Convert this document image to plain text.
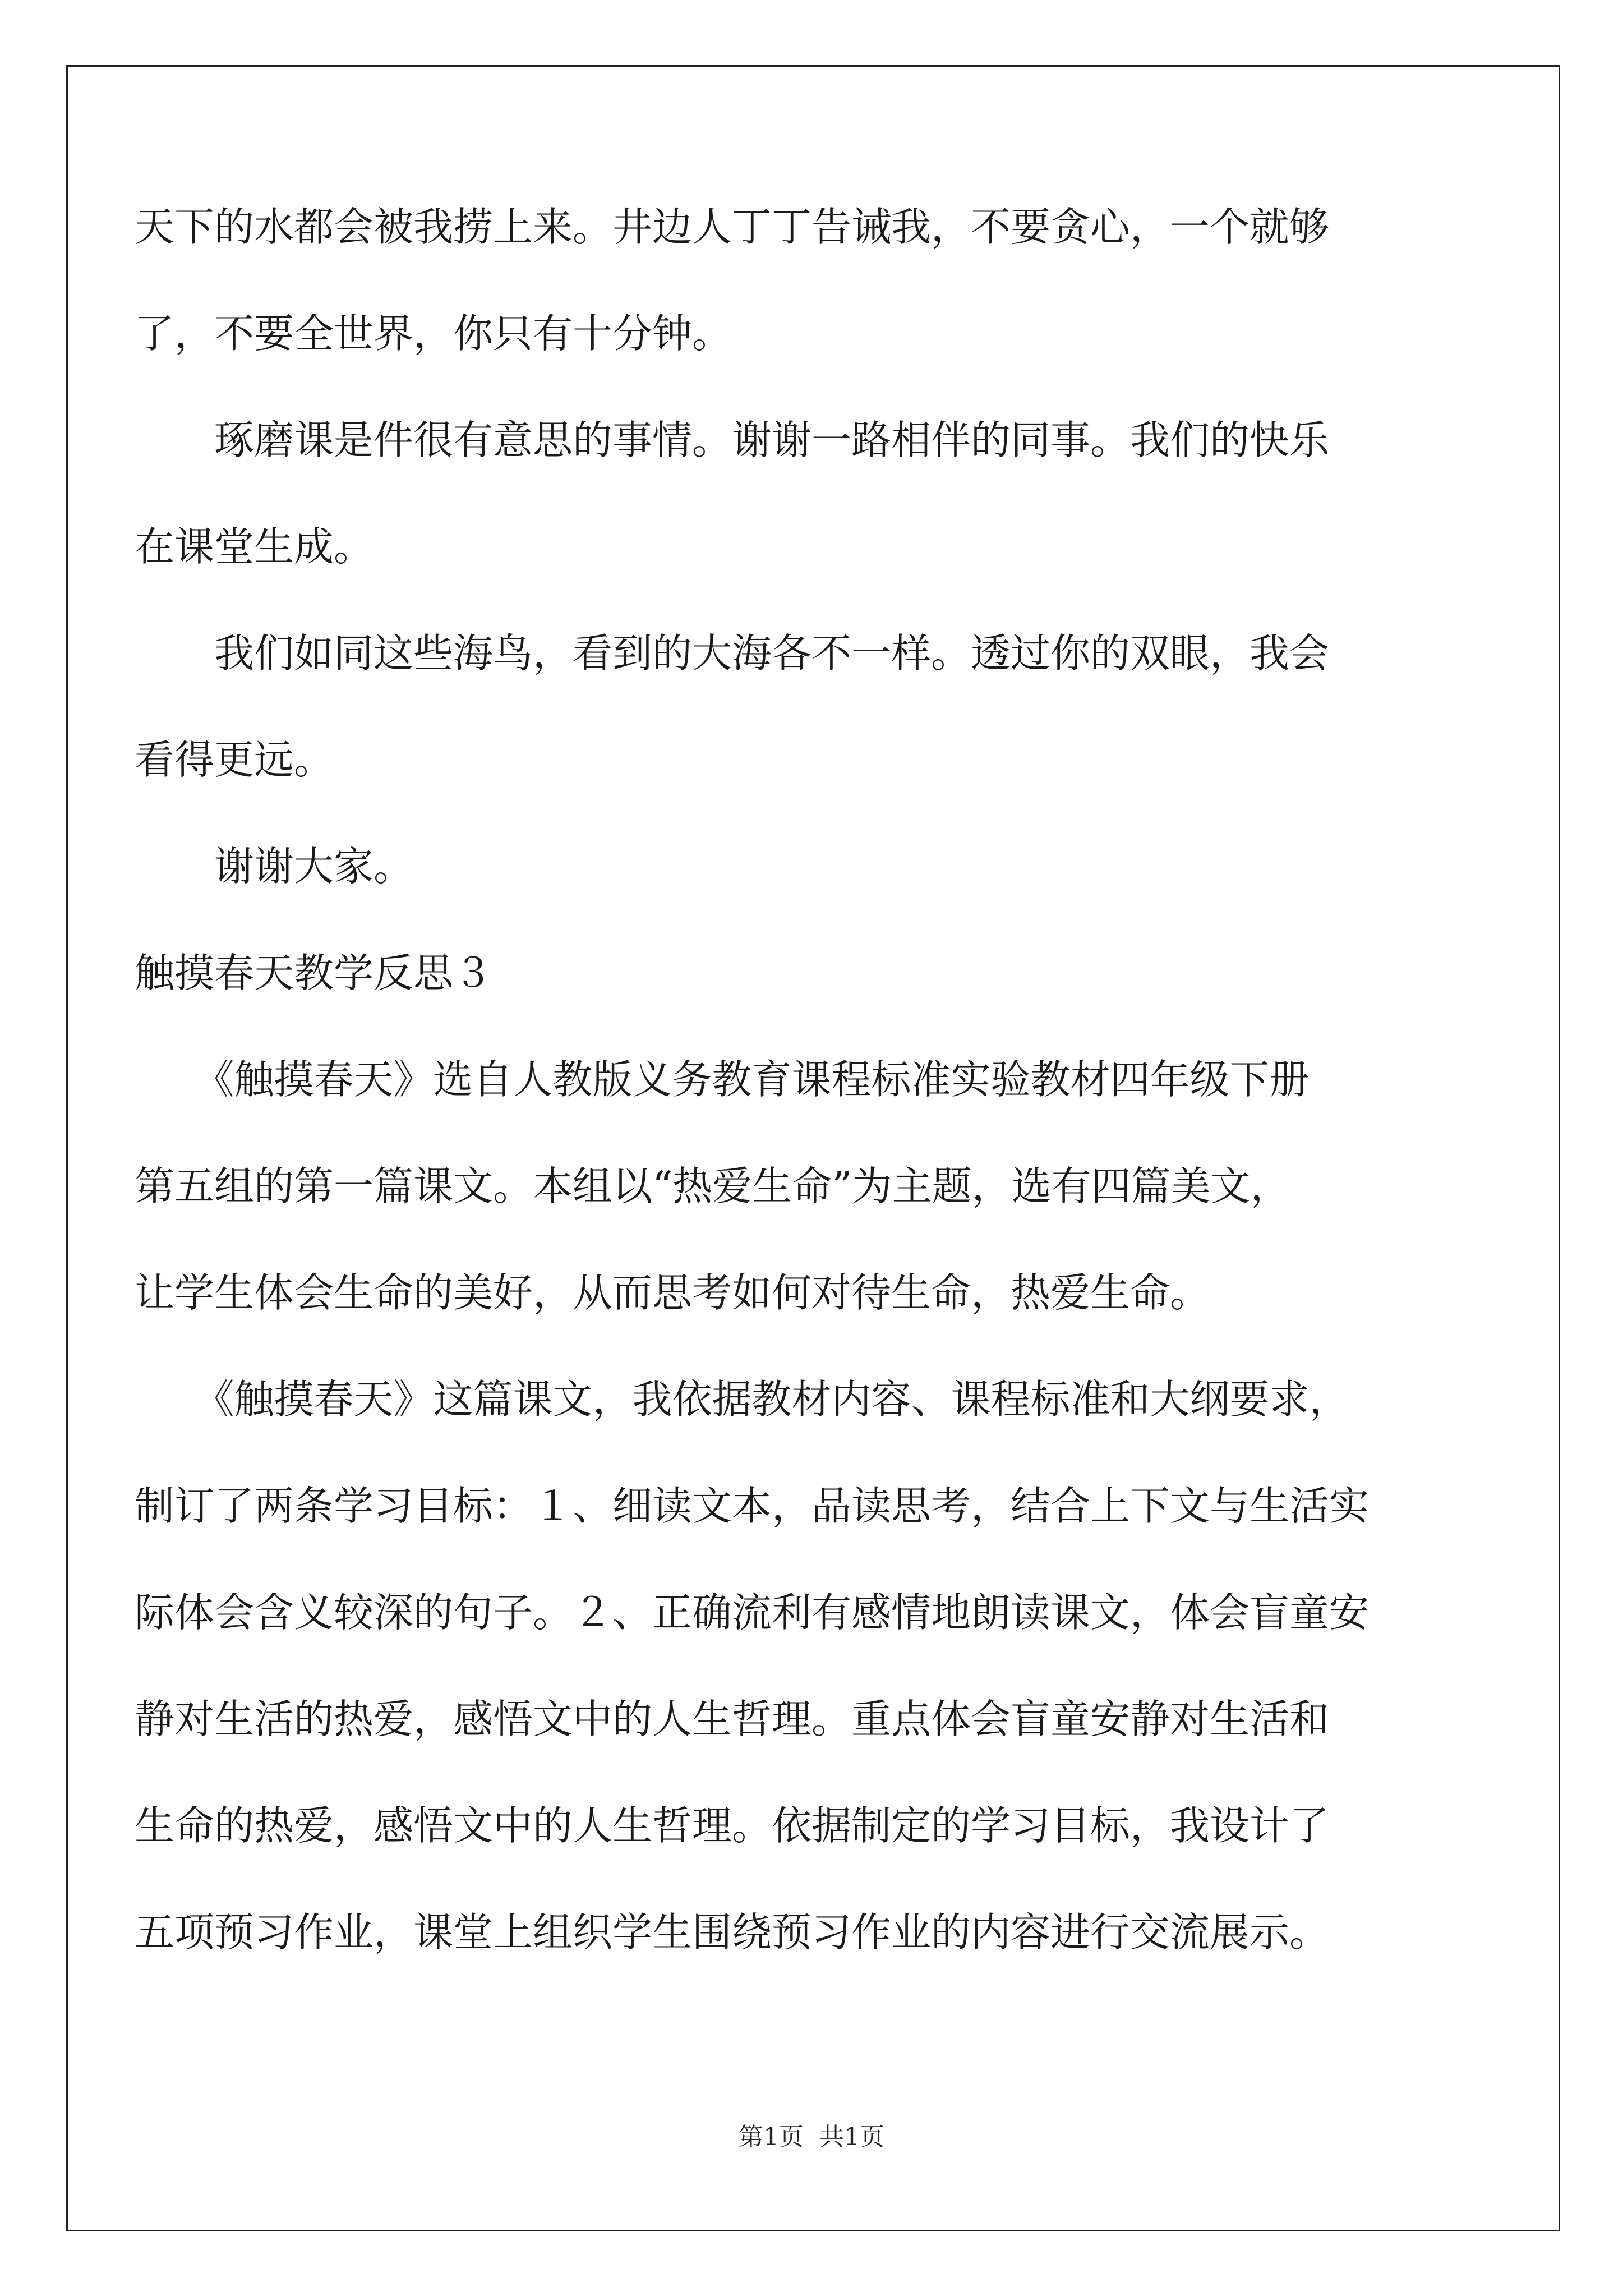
天下的水都会被我捞上来。井边人丁丁告诫我，不要贪心，一个就够
了，不要全世界，你只有十分钟。
　　琢磨课是件很有意思的事情。谢谢一路相伴的同事。我们的快乐
在课堂生成。
　　我们如同这些海鸟，看到的大海各不一样。透过你的双眼，我会
看得更远。
　　谢谢大家。
触摸春天教学反思３
　　《触摸春天》选自人教版义务教育课程标准实验教材四年级下册
第五组的第一篇课文。本组以“热爱生命”为主题，选有四篇美文，
让学生体会生命的美好，从而思考如何对待生命，热爱生命。
　　《触摸春天》这篇课文，我依据教材内容、课程标准和大纲要求，
制订了两条学习目标：１、细读文本，品读思考，结合上下文与生活实
际体会含义较深的句子。２、正确流利有感情地朗读课文，体会盲童安
静对生活的热爱，感悟文中的人生哲理。重点体会盲童安静对生活和
生命的热爱，感悟文中的人生哲理。依据制定的学习目标，我设计了
五项预习作业，课堂上组织学生围绕预习作业的内容进行交流展示。
第1页 共1页
